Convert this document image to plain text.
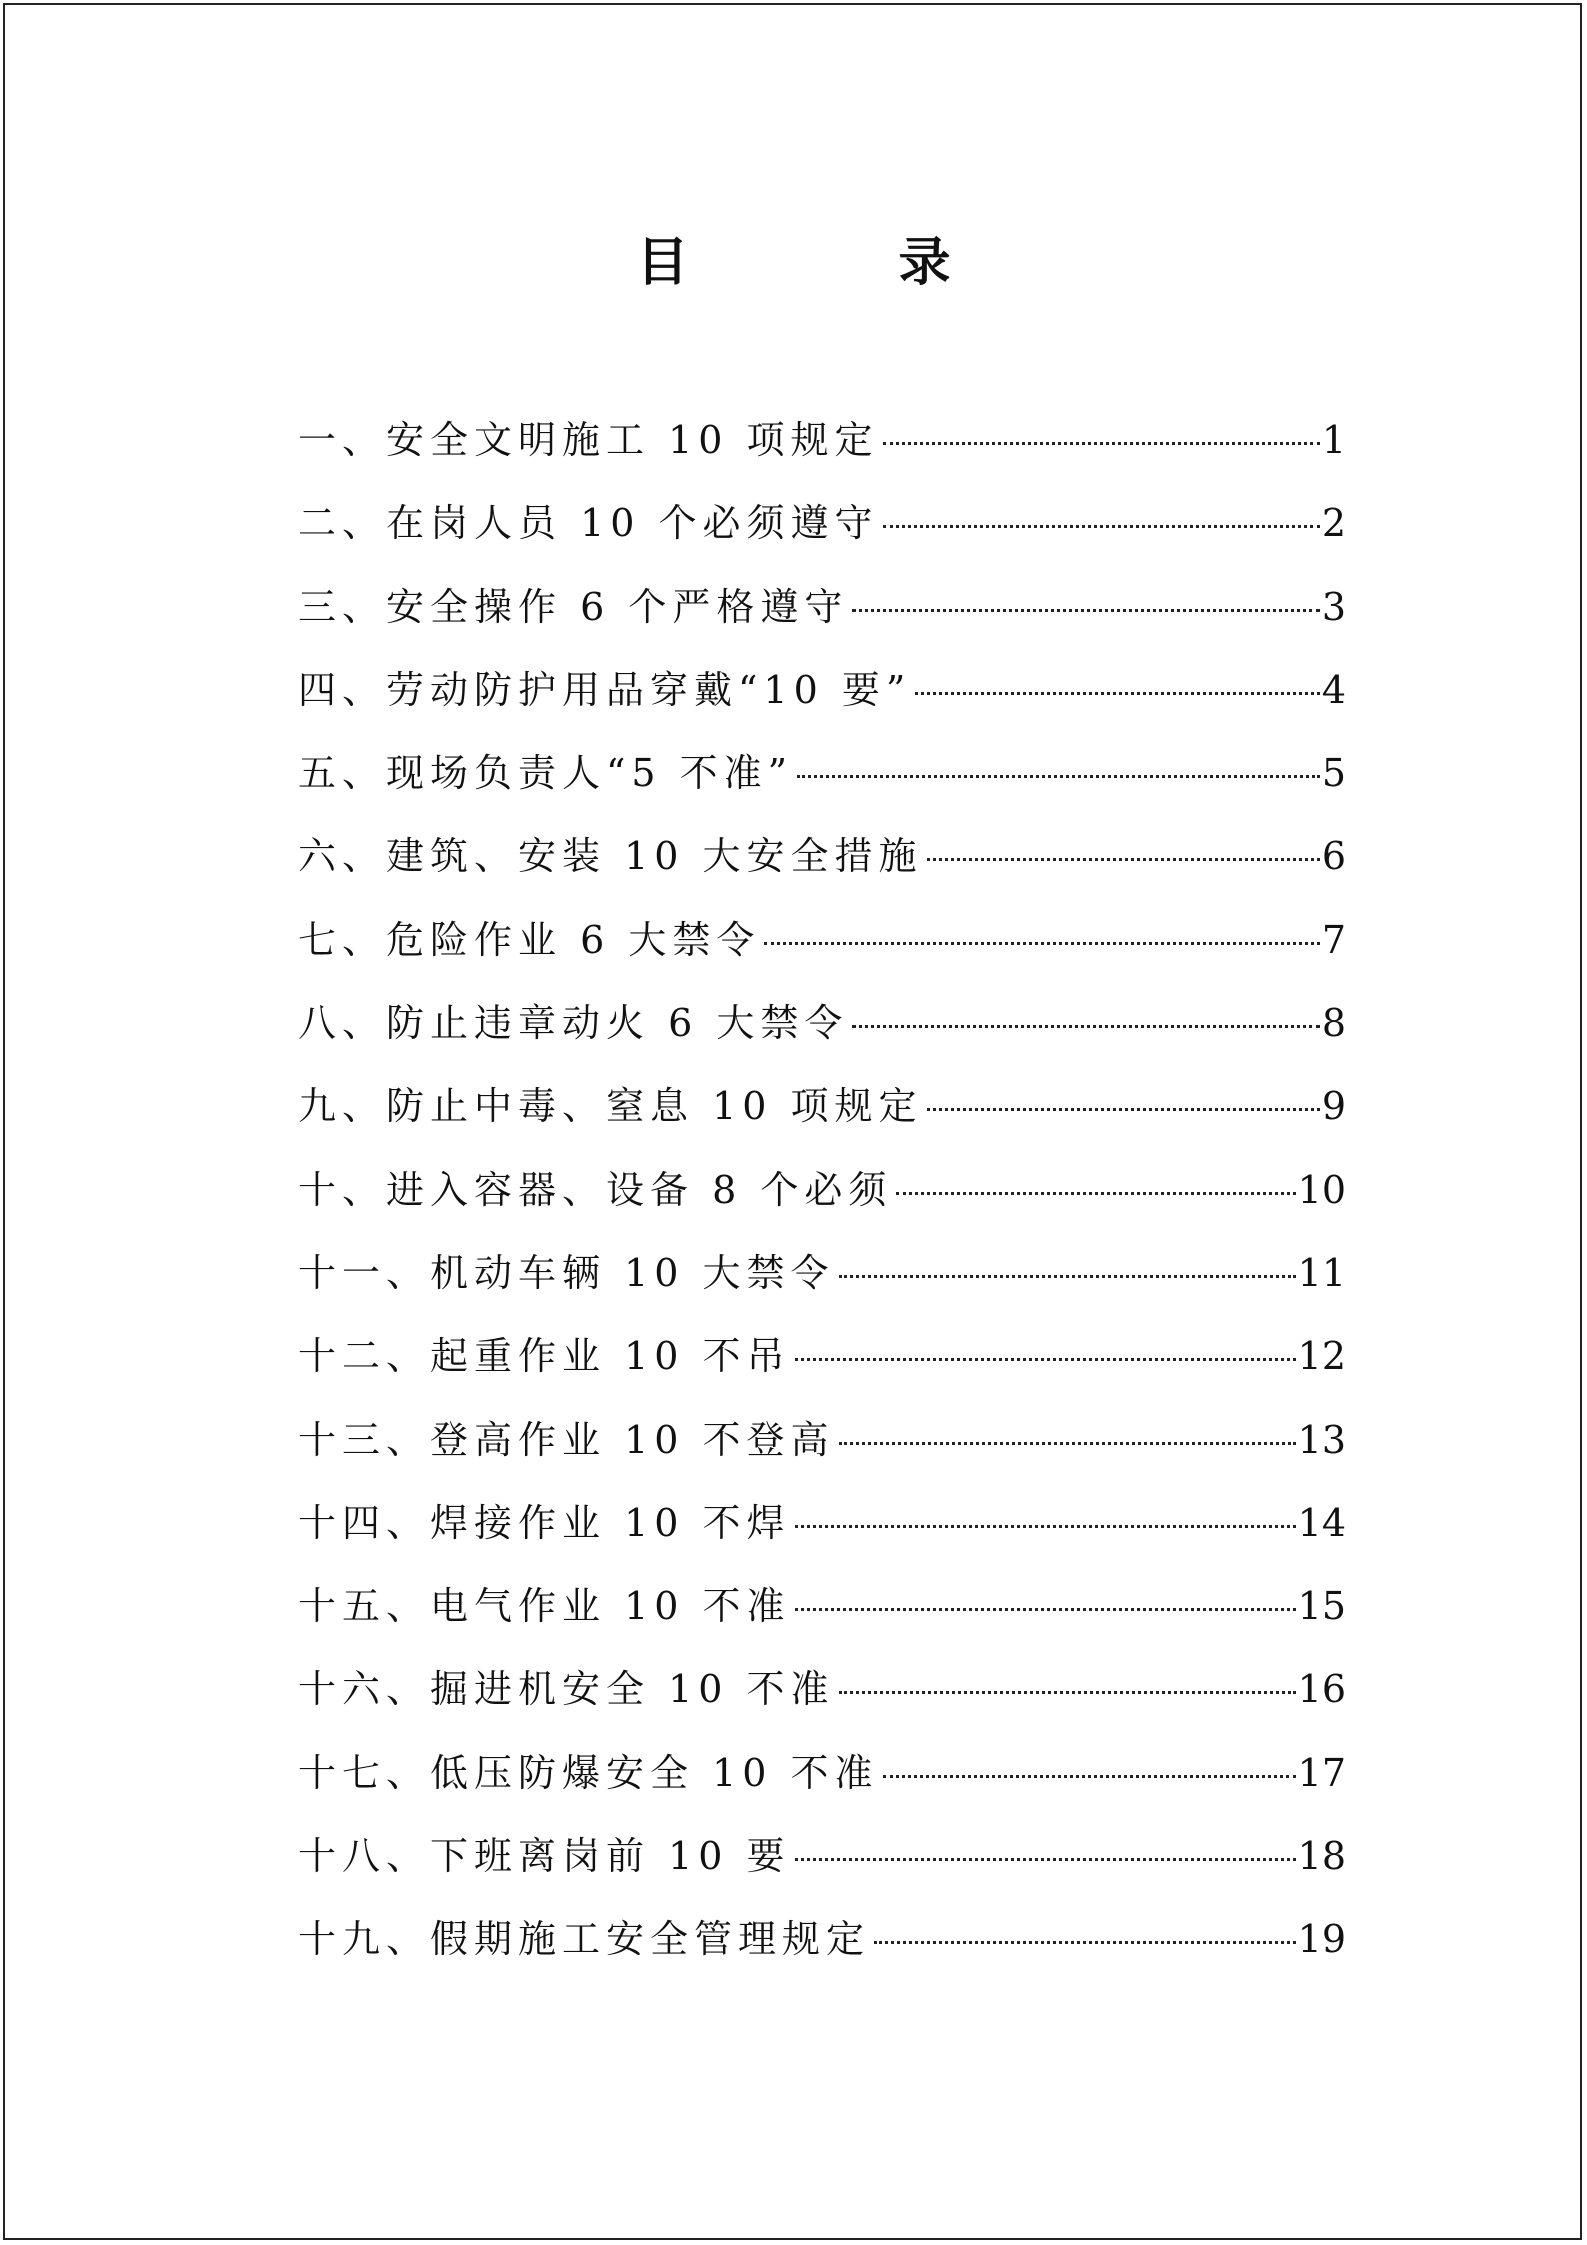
目 录
一、安全文明施工 10 项规定	1
二、在岗人员 10 个必须遵守	2
三、安全操作 6 个严格遵守	3
四、劳动防护用品穿戴“10 要”	4
五、现场负责人“5 不准”	5
六、建筑、安装 10 大安全措施	6
七、危险作业 6 大禁令	7
八、防止违章动火 6 大禁令	8
九、防止中毒、窒息 10 项规定	9
十、进入容器、设备 8 个必须	10
十一、机动车辆 10 大禁令	11
十二、起重作业 10 不吊	12
十三、登高作业 10 不登高	13
十四、焊接作业 10 不焊	14
十五、电气作业 10 不准	15
十六、掘进机安全 10 不准	16
十七、低压防爆安全 10 不准	17
十八、下班离岗前 10 要	18
十九、假期施工安全管理规定	19
